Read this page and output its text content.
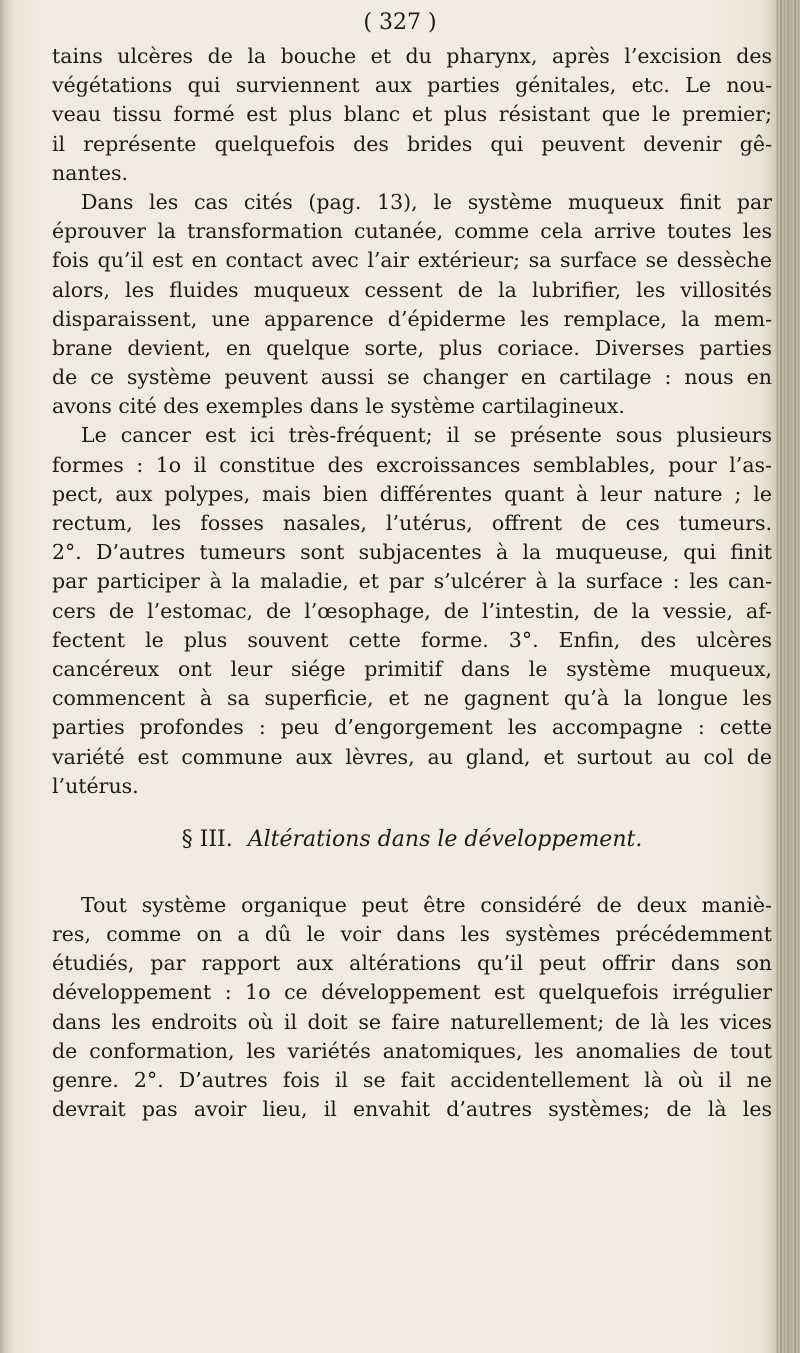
( 327 )
tains ulcères de la bouche et du pharynx, après l’excision des
végétations qui surviennent aux parties génitales, etc. Le nou-
veau tissu formé est plus blanc et plus résistant que le premier;
il représente quelquefois des brides qui peuvent devenir gê-
nantes.
Dans les cas cités (pag. 13), le système muqueux finit par
éprouver la transformation cutanée, comme cela arrive toutes les
fois qu’il est en contact avec l’air extérieur; sa surface se dessèche
alors, les fluides muqueux cessent de la lubrifier, les villosités
disparaissent, une apparence d’épiderme les remplace, la mem-
brane devient, en quelque sorte, plus coriace. Diverses parties
de ce système peuvent aussi se changer en cartilage : nous en
avons cité des exemples dans le système cartilagineux.
Le cancer est ici très-fréquent; il se présente sous plusieurs
formes : 1o il constitue des excroissances semblables, pour l’as-
pect, aux polypes, mais bien différentes quant à leur nature ; le
rectum, les fosses nasales, l’utérus, offrent de ces tumeurs.
2°. D’autres tumeurs sont subjacentes à la muqueuse, qui finit
par participer à la maladie, et par s’ulcérer à la surface : les can-
cers de l’estomac, de l’œsophage, de l’intestin, de la vessie, af-
fectent le plus souvent cette forme. 3°. Enfin, des ulcères
cancéreux ont leur siége primitif dans le système muqueux,
commencent à sa superficie, et ne gagnent qu’à la longue les
parties profondes : peu d’engorgement les accompagne : cette
variété est commune aux lèvres, au gland, et surtout au col de
l’utérus.
§ III. Altérations dans le développement.
Tout système organique peut être considéré de deux maniè-
res, comme on a dû le voir dans les systèmes précédemment
étudiés, par rapport aux altérations qu’il peut offrir dans son
développement : 1o ce développement est quelquefois irrégulier
dans les endroits où il doit se faire naturellement; de là les vices
de conformation, les variétés anatomiques, les anomalies de tout
genre. 2°. D’autres fois il se fait accidentellement là où il ne
devrait pas avoir lieu, il envahit d’autres systèmes; de là les
